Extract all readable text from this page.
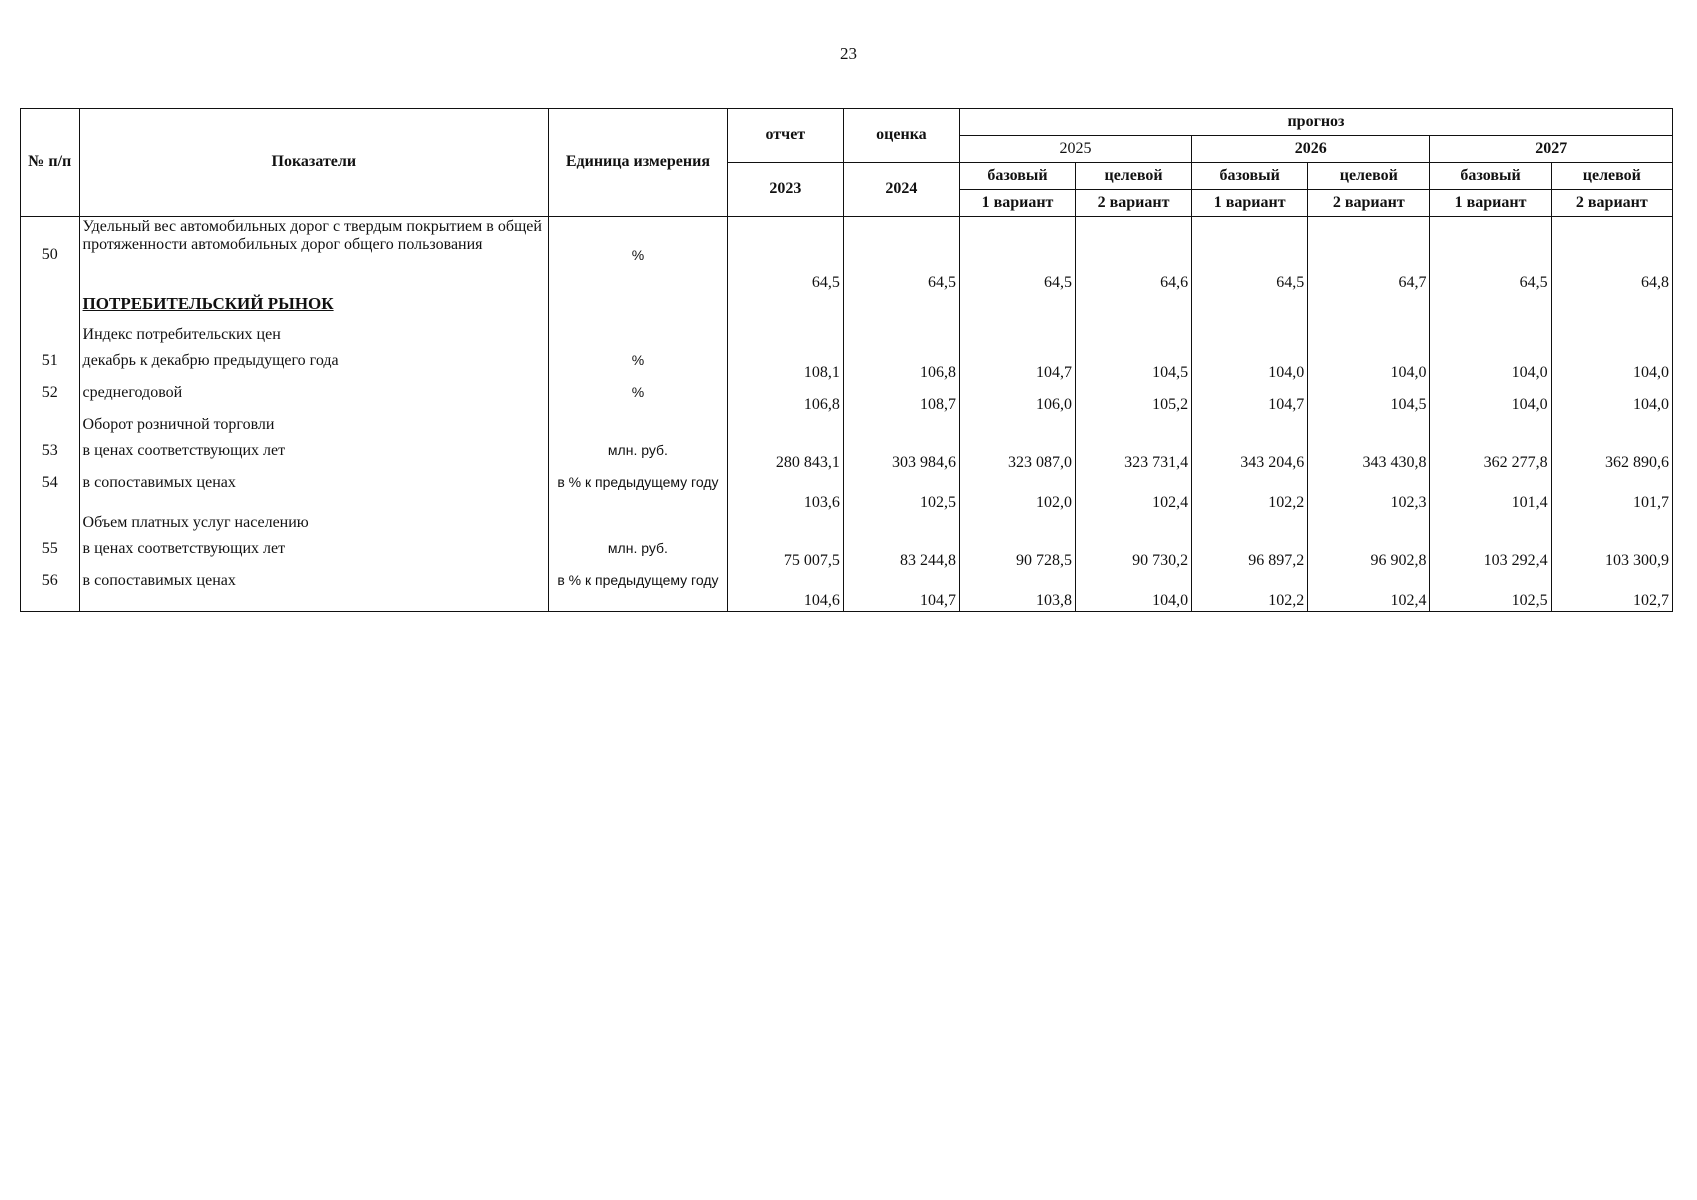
23
№ п/п	Показатели	Единица измерения	отчет	оценка	прогноз					
					2025		2026		2027	
			2023	2024	базовый	целевой	базовый	целевой	базовый	целевой
					1 вариант	2 вариант	1 вариант	2 вариант	1 вариант	2 вариант
50	Удельный вес автомобильных дорог с твердым покрытием в общей протяженности автомобильных дорог общего пользования	%	64,5	64,5	64,5	64,6	64,5	64,7	64,5	64,8
	ПОТРЕБИТЕЛЬСКИЙ РЫНОК									
	Индекс потребительских цен									
51	декабрь к декабрю предыдущего года	%	108,1	106,8	104,7	104,5	104,0	104,0	104,0	104,0
52	среднегодовой	%	106,8	108,7	106,0	105,2	104,7	104,5	104,0	104,0
	Оборот розничной торговли									
53	в ценах соответствующих лет	млн. руб.	280 843,1	303 984,6	323 087,0	323 731,4	343 204,6	343 430,8	362 277,8	362 890,6
54	в сопоставимых ценах	в % к предыдущему году	103,6	102,5	102,0	102,4	102,2	102,3	101,4	101,7
	Объем платных услуг населению									
55	в ценах соответствующих лет	млн. руб.	75 007,5	83 244,8	90 728,5	90 730,2	96 897,2	96 902,8	103 292,4	103 300,9
56	в сопоставимых ценах	в % к предыдущему году	104,6	104,7	103,8	104,0	102,2	102,4	102,5	102,7
